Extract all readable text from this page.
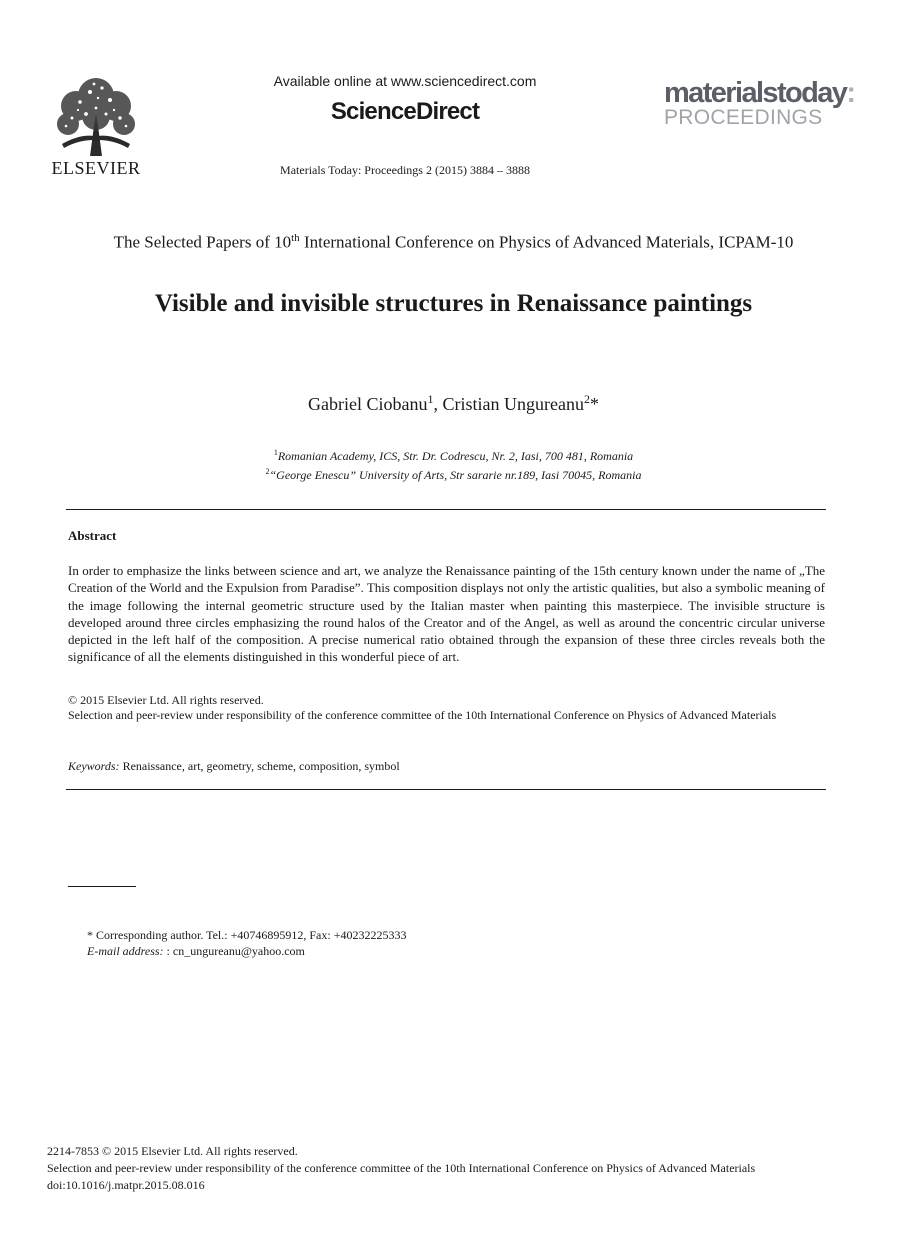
ELSEVIER
Available online at www.sciencedirect.com
ScienceDirect
Materials Today: Proceedings 2 (2015) 3884 – 3888
materialstoday:
PROCEEDINGS
The Selected Papers of 10th International Conference on Physics of Advanced Materials, ICPAM-10
Visible and invisible structures in Renaissance paintings
Gabriel Ciobanu$^1$, Cristian Ungureanu$^2$*
$^1$Romanian Academy, ICS, Str. Dr. Codrescu, Nr. 2, Iasi, 700 481, Romania
$^2$“George Enescu” University of Arts, Str sararie nr.189, Iasi 70045, Romania
Abstract
In order to emphasize the links between science and art, we analyze the Renaissance painting of the 15th century known under the name of „The Creation of the World and the Expulsion from Paradise”. This composition displays not only the artistic qualities, but also a symbolic meaning of the image following the internal geometric structure used by the Italian master when painting this masterpiece. The invisible structure is developed around three circles emphasizing the round halos of the Creator and of the Angel, as well as around the concentric circular universe depicted in the left half of the composition. A precise numerical ratio obtained through the expansion of these three circles reveals both the significance of all the elements distinguished in this wonderful piece of art.
© 2015 Elsevier Ltd. All rights reserved.
Selection and peer-review under responsibility of the conference committee of the 10th International Conference on Physics of Advanced Materials
Keywords: Renaissance, art, geometry, scheme, composition, symbol
* Corresponding author. Tel.: +40746895912, Fax: +40232225333
E-mail address: : cn_ungureanu@yahoo.com
2214-7853 © 2015 Elsevier Ltd. All rights reserved.
Selection and peer-review under responsibility of the conference committee of the 10th International Conference on Physics of Advanced Materials
doi:10.1016/j.matpr.2015.08.016
